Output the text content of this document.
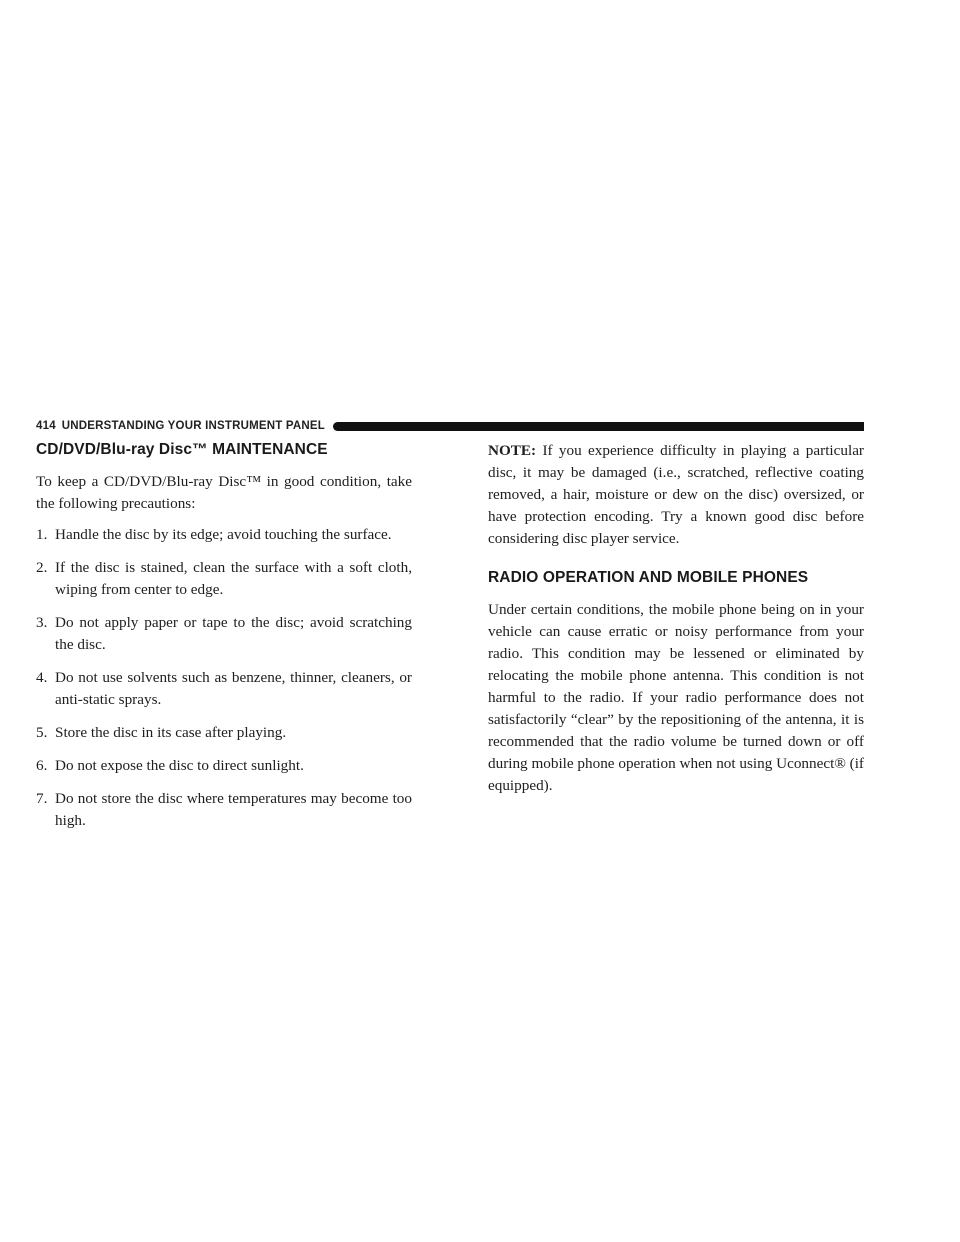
414 UNDERSTANDING YOUR INSTRUMENT PANEL
CD/DVD/Blu-ray Disc™ MAINTENANCE

To keep a CD/DVD/Blu-ray Disc™ in good condition, take the following precautions:

1. Handle the disc by its edge; avoid touching the surface.
2. If the disc is stained, clean the surface with a soft cloth, wiping from center to edge.
3. Do not apply paper or tape to the disc; avoid scratching the disc.
4. Do not use solvents such as benzene, thinner, cleaners, or anti-static sprays.
5. Store the disc in its case after playing.
6. Do not expose the disc to direct sunlight.
7. Do not store the disc where temperatures may become too high.

NOTE: If you experience difficulty in playing a particular disc, it may be damaged (i.e., scratched, reflective coating removed, a hair, moisture or dew on the disc) oversized, or have protection encoding. Try a known good disc before considering disc player service.

RADIO OPERATION AND MOBILE PHONES

Under certain conditions, the mobile phone being on in your vehicle can cause erratic or noisy performance from your radio. This condition may be lessened or eliminated by relocating the mobile phone antenna. This condition is not harmful to the radio. If your radio performance does not satisfactorily “clear” by the repositioning of the antenna, it is recommended that the radio volume be turned down or off during mobile phone operation when not using Uconnect® (if equipped).
